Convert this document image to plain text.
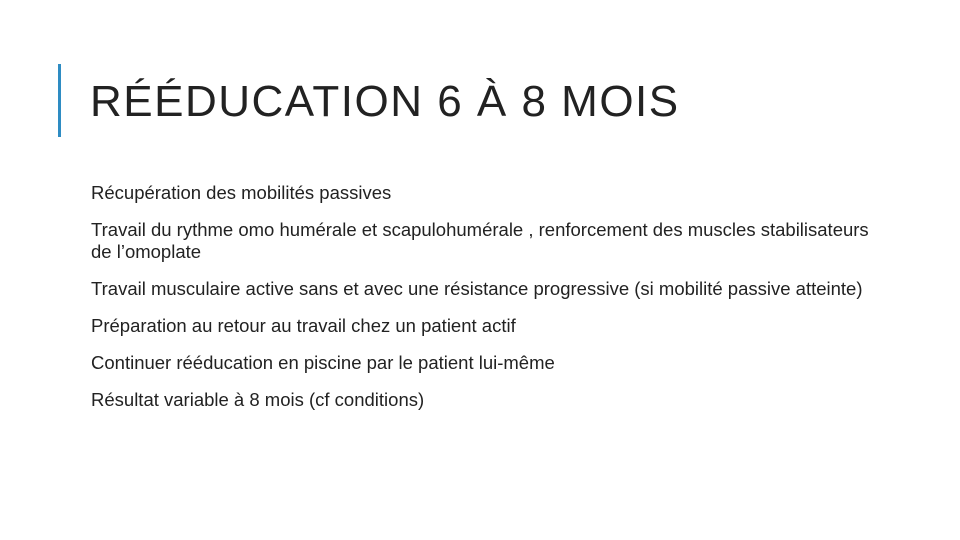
RÉÉDUCATION 6 À 8 MOIS
Récupération des mobilités passives
Travail du rythme omo humérale et scapulohumérale , renforcement des muscles stabilisateurs de l’omoplate
Travail musculaire active sans et avec une résistance progressive (si mobilité passive atteinte)
Préparation au retour au travail chez un patient actif
Continuer rééducation en piscine par le patient lui-même
Résultat variable à 8 mois (cf conditions)
